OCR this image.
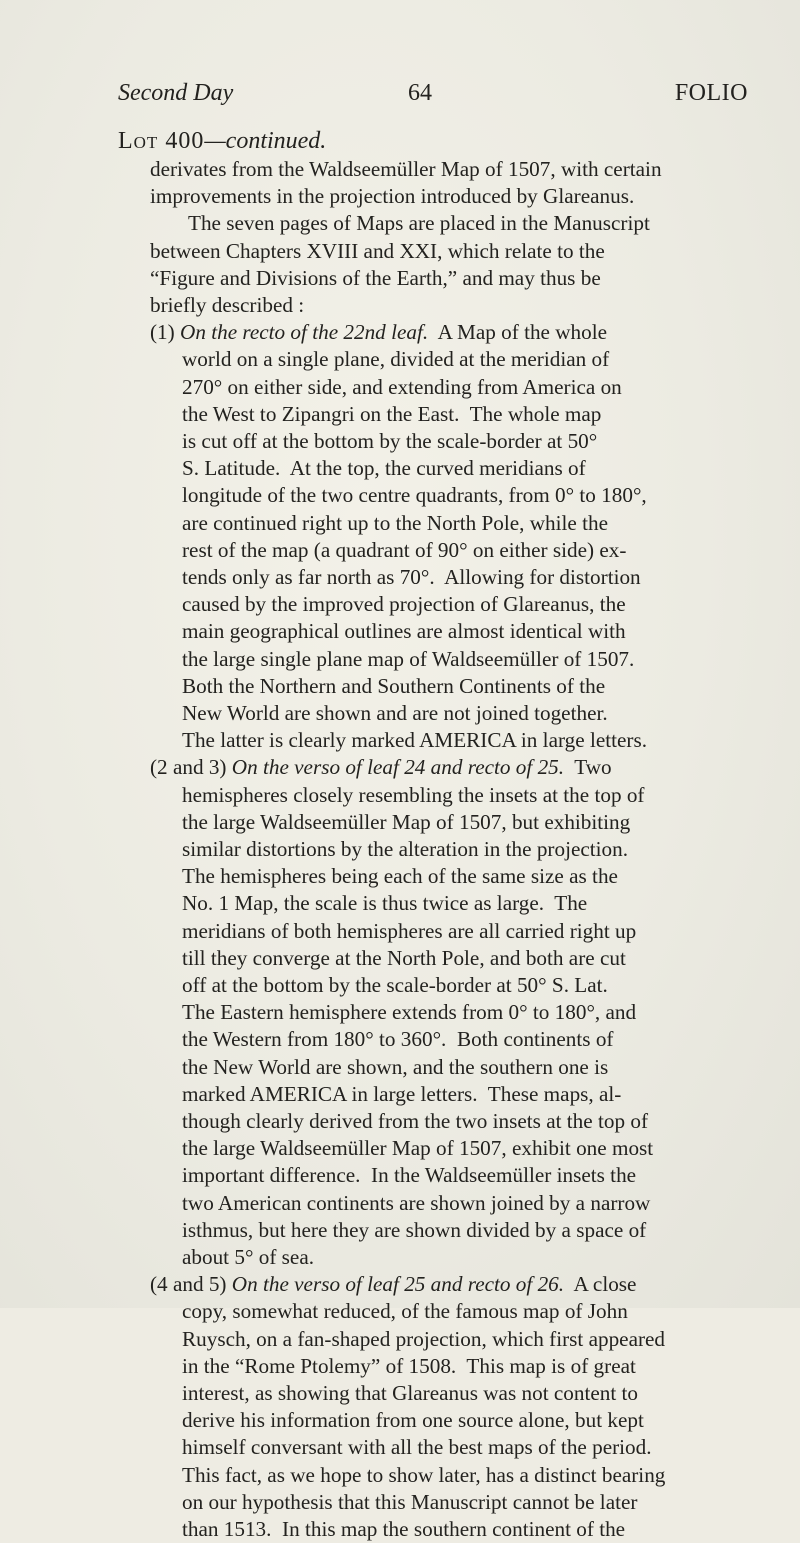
Second Day	64	FOLIO
Lot 400—continued.
derivates from the Waldseemüller Map of 1507, with certain
improvements in the projection introduced by Glareanus.
The seven pages of Maps are placed in the Manuscript
between Chapters XVIII and XXI, which relate to the
“Figure and Divisions of the Earth,” and may thus be
briefly described :
(1) On the recto of the 22nd leaf.  A Map of the whole
world on a single plane, divided at the meridian of
270° on either side, and extending from America on
the West to Zipangri on the East.  The whole map
is cut off at the bottom by the scale-border at 50°
S. Latitude.  At the top, the curved meridians of
longitude of the two centre quadrants, from 0° to 180°,
are continued right up to the North Pole, while the
rest of the map (a quadrant of 90° on either side) ex-
tends only as far north as 70°.  Allowing for distortion
caused by the improved projection of Glareanus, the
main geographical outlines are almost identical with
the large single plane map of Waldseemüller of 1507.
Both the Northern and Southern Continents of the
New World are shown and are not joined together.
The latter is clearly marked AMERICA in large letters.
(2 and 3) On the verso of leaf 24 and recto of 25.  Two
hemispheres closely resembling the insets at the top of
the large Waldseemüller Map of 1507, but exhibiting
similar distortions by the alteration in the projection.
The hemispheres being each of the same size as the
No. 1 Map, the scale is thus twice as large.  The
meridians of both hemispheres are all carried right up
till they converge at the North Pole, and both are cut
off at the bottom by the scale-border at 50° S. Lat.
The Eastern hemisphere extends from 0° to 180°, and
the Western from 180° to 360°.  Both continents of
the New World are shown, and the southern one is
marked AMERICA in large letters.  These maps, al-
though clearly derived from the two insets at the top of
the large Waldseemüller Map of 1507, exhibit one most
important difference.  In the Waldseemüller insets the
two American continents are shown joined by a narrow
isthmus, but here they are shown divided by a space of
about 5° of sea.
(4 and 5) On the verso of leaf 25 and recto of 26.  A close
copy, somewhat reduced, of the famous map of John
Ruysch, on a fan-shaped projection, which first appeared
in the “Rome Ptolemy” of 1508.  This map is of great
interest, as showing that Glareanus was not content to
derive his information from one source alone, but kept
himself conversant with all the best maps of the period.
This fact, as we hope to show later, has a distinct bearing
on our hypothesis that this Manuscript cannot be later
than 1513.  In this map the southern continent of the
